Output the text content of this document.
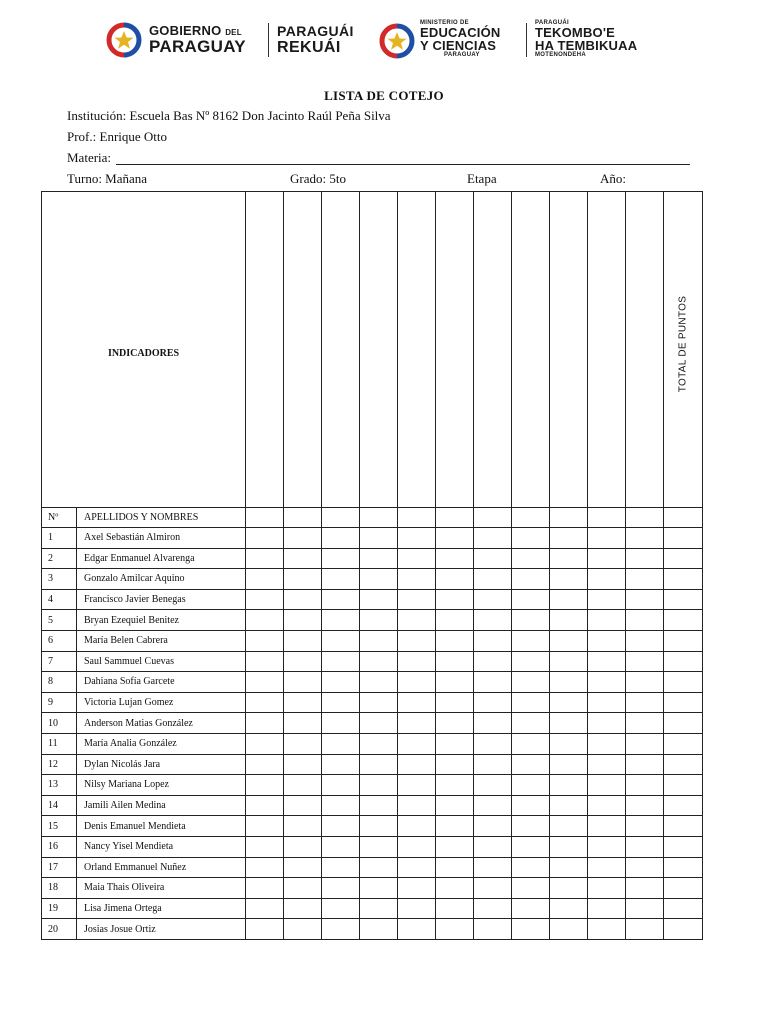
GOBIERNO DEL
PARAGUAY
PARAGUÁI
REKUÁI
MINISTERIO DE
EDUCACIÓN
Y CIENCIAS
PARAGUAY
PARAGUÁI
TEKOMBO'E
HA TEMBIKUAA
MOTENONDEHA
LISTA DE COTEJO
Institución: Escuela Bas Nº 8162 Don Jacinto Raúl Peña Silva
Prof.: Enrique Otto
Materia:
Turno: Mañana	Grado: 5to	Etapa	Año:
INDICADORES													TOTAL DE PUNTOS

Nº	APELLIDOS Y NOMBRES												
1	Axel Sebastián Almiron												
2	Edgar Enmanuel Alvarenga												
3	Gonzalo Amilcar Aquino												
4	Francisco Javier Benegas												
5	Bryan Ezequiel Benitez												
6	María Belen Cabrera												
7	Saul Sammuel Cuevas												
8	Dahiana Sofía Garcete												
9	Victoria Lujan Gomez												
10	Anderson Matias González												
11	María Analia González												
12	Dylan Nicolás Jara												
13	Nilsy Mariana Lopez												
14	Jamili Ailen Medina												
15	Denis Emanuel Mendieta												
16	Nancy Yisel Mendieta												
17	Orland Emmanuel Nuñez												
18	Maia Thais Oliveira												
19	Lisa Jimena Ortega												
20	Josias Josue Ortiz												
